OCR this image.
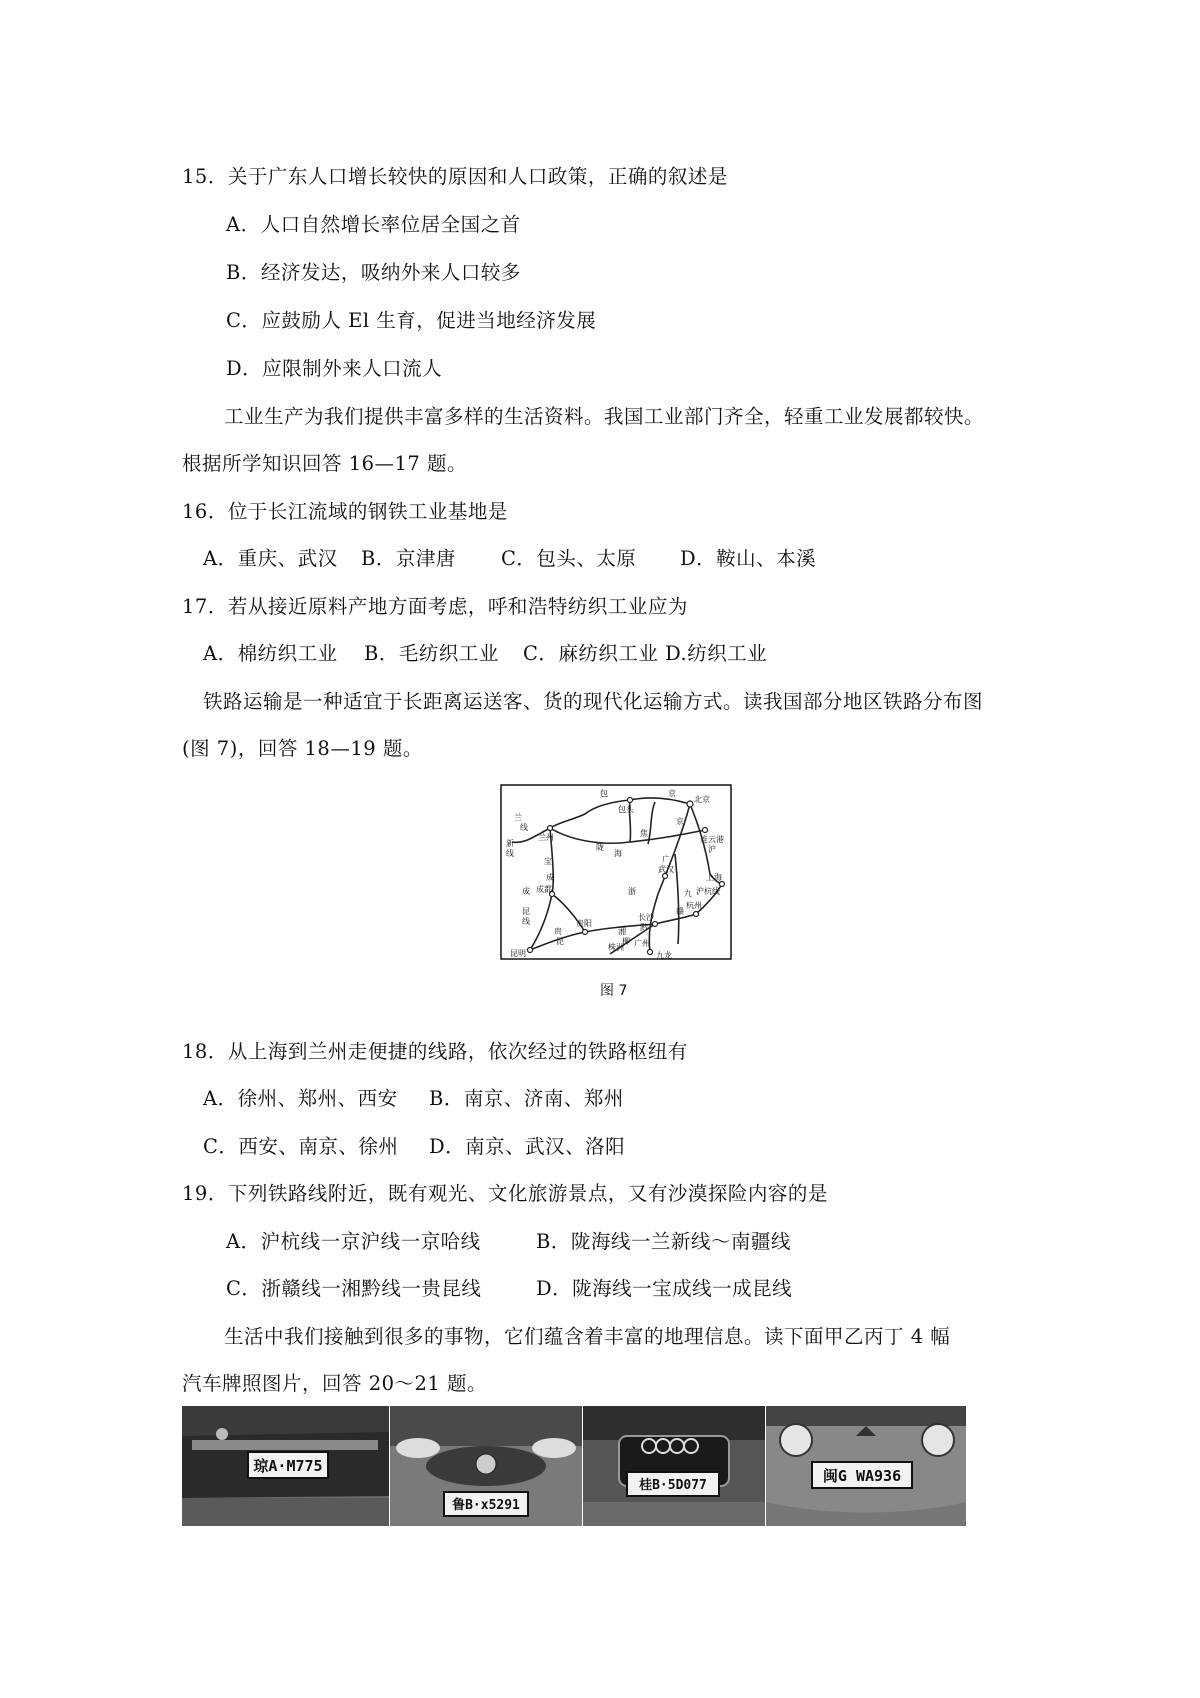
15．关于广东人口增长较快的原因和人口政策，正确的叙述是
A．人口自然增长率位居全国之首
B．经济发达，吸纳外来人口较多
C．应鼓励人 El 生育，促进当地经济发展
D．应限制外来人口流人
工业生产为我们提供丰富多样的生活资料。我国工业部门齐全，轻重工业发展都较快。
根据所学知识回答 16—17 题。
16．位于长江流域的钢铁工业基地是
A．重庆、武汉 B．京津唐 C．包头、太原 D．鞍山、本溪
17．若从接近原料产地方面考虑，呼和浩特纺织工业应为
A．棉纺织工业 B．毛纺织工业 C．麻纺织工业 D.纺织工业
铁路运输是一种适宜于长距离运送客、货的现代化运输方式。读我国部分地区铁路分布图
(图 7)，回答 18—19 题。
北京
包头
兰州	连云港
上海
杭州
成都
武汉
贵阳
长沙
昆明
株洲 广州
九龙
包
兰
京
线
新
线
宝
成
陇
海
焦
浙
广
京
九
赣
湘 黔
柳
沪
沪杭线
成
昆
线
贵
昆
图 7
18．从上海到兰州走便捷的线路，依次经过的铁路枢纽有
A．徐州、郑州、西安 B．南京、济南、郑州
C．西安、南京、徐州 D．南京、武汉、洛阳
19．下列铁路线附近，既有观光、文化旅游景点，又有沙漠探险内容的是
A．沪杭线一京沪线一京哈线	B．陇海线一兰新线～南疆线
C．浙赣线一湘黔线一贵昆线	D．陇海线一宝成线一成昆线
生活中我们接触到很多的事物，它们蕴含着丰富的地理信息。读下面甲乙丙丁 4 幅
汽车牌照图片，回答 20～21 题。
琼A·M775
鲁B·x5291
桂B·5D077
闽G WA936
